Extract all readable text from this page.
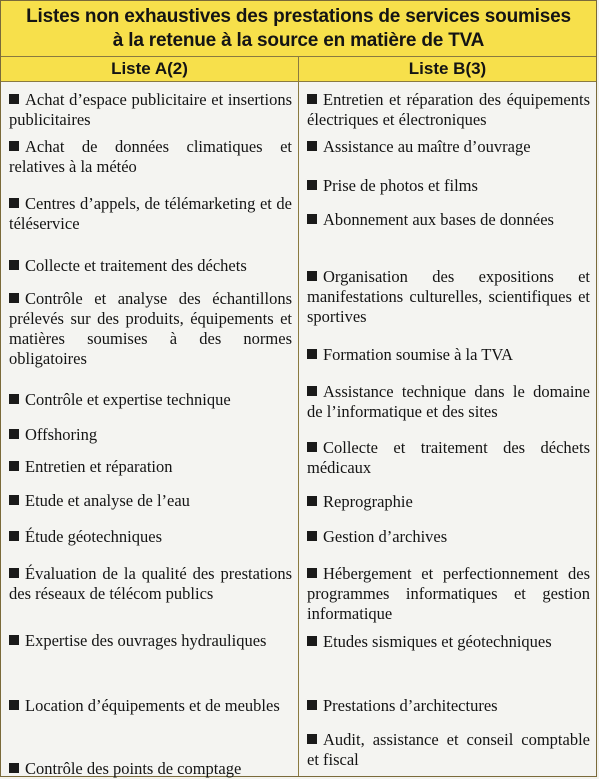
Listes non exhaustives des prestations de services soumises
à la retenue à la source en matière de TVA
Liste A(2)	Liste B(3)
Achat d’espace publicitaire et insertions publicitaires
Achat de données climatiques et relatives à la météo
Centres d’appels, de télémarketing et de téléservice
Collecte et traitement des déchets
Contrôle et analyse des échantillons prélevés sur des produits, équipements et matières soumises à des normes obligatoires
Contrôle et expertise technique
Offshoring
Entretien et réparation
Etude et analyse de l’eau
Étude géotechniques
Évaluation de la qualité des prestations des réseaux de télécom publics
Expertise des ouvrages hydrauliques
Location d’équipements et de meubles
Contrôle des points de comptage
Entretien et réparation des équipements électriques et électroniques
Assistance au maître d’ouvrage
Prise de photos et films
Abonnement aux bases de données
Organisation des expositions et manifestations culturelles, scientifiques et sportives
Formation soumise à la TVA
Assistance technique dans le domaine de l’informatique et des sites
Collecte et traitement des déchets médicaux
Reprographie
Gestion d’archives
Hébergement et perfectionnement des programmes informatiques et gestion informatique
Etudes sismiques et géotechniques
Prestations d’architectures
Audit, assistance et conseil comptable et fiscal
